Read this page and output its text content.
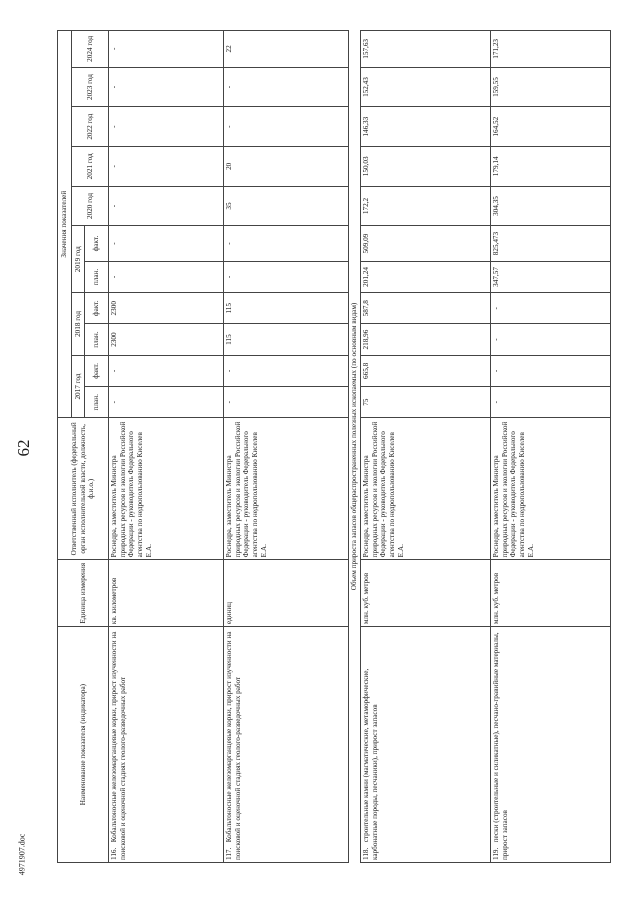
62
4971907.doc
Наименование показателя (индикатора)	Единица измерения	Ответственный исполнитель (федеральный орган исполнительной власти, должность, ф.и.о.)	Значения показателей										
			2017 год		2018 год		2019 год		2020 год	2021 год	2022 год	2023 год	2024 год
			план.	факт.	план.	факт.	план.	факт.					
116.   Кобальтоносные железомарганцевые корки, прирост изученности на поисковой и оценочной стадиях геолого-разведочных работ	кв. километров	Роснедра, заместитель Министра природных ресурсов и экологии Российской Федерации - руководитель Федерального агентства по недропользованию Киселев Е.А.	-	-	2300	2300	-	-	-	-	-	-	-
117.   Кобальтоносные железомарганцевые корки, прирост изученности на поисковой и оценочной стадиях геолого-разведочных работ	единиц	Роснедра, заместитель Министра природных ресурсов и экологии Российской Федерации - руководитель Федерального агентства по недропользованию Киселев Е.А.	-	-	115	115	-	-	35	20	-	-	22
Объем прироста запасов общераспространенных полезных ископаемых (по основным видам)													
118.   строительные камни (магматические, метаморфические, карбонатные породы, песчаники), прирост запасов	млн. куб. метров	Роснедра, заместитель Министра природных ресурсов и экологии Российской Федерации - руководитель Федерального агентства по недропользованию Киселев Е.А.	75	665,8	218,96	587,8	201,24	509,09	172,2	150,03	146,33	152,43	157,63
119.   пески (строительные и силикатные), песчано-гравийные материалы, прирост запасов	млн. куб. метров	Роснедра, заместитель Министра природных ресурсов и экологии Российской Федерации - руководитель Федерального агентства по недропользованию Киселев Е.А.	-	-	-	-	347,57	825,473	304,35	179,14	164,52	159,55	171,23
